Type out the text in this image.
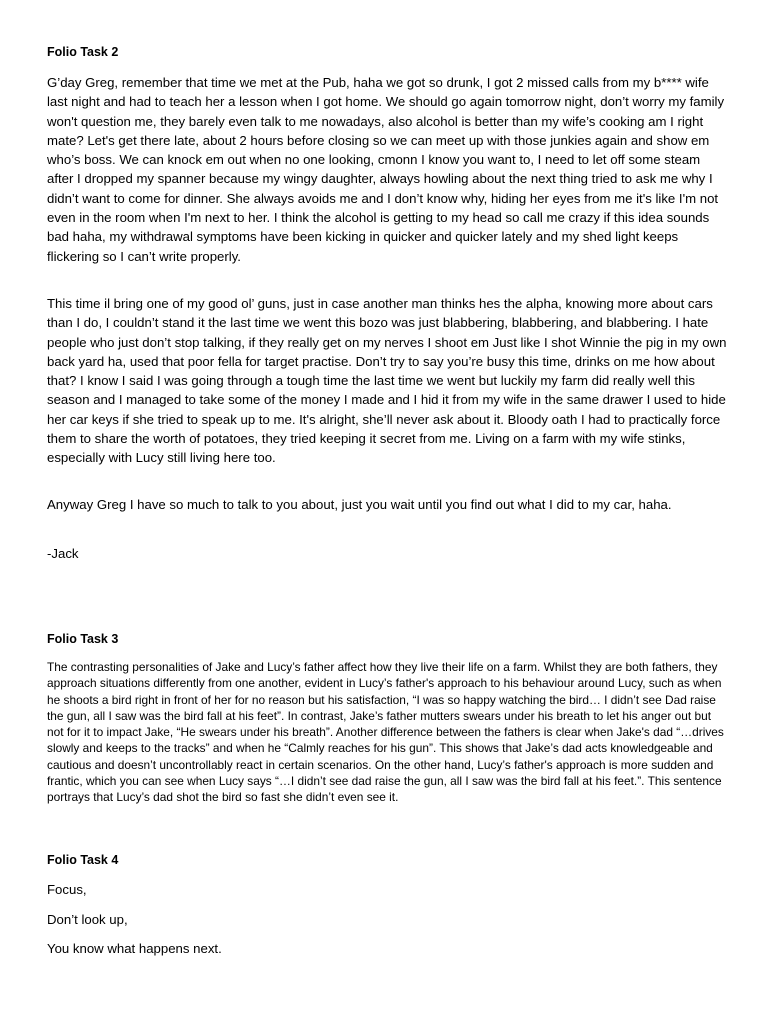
Folio Task 2

G’day Greg, remember that time we met at the Pub, haha we got so drunk, I got 2 missed calls from my b**** wife last night and had to teach her a lesson when I got home. We should go again tomorrow night, don’t worry my family won't question me, they barely even talk to me nowadays, also alcohol is better than my wife’s cooking am I right mate? Let's get there late, about 2 hours before closing so we can meet up with those junkies again and show em who’s boss. We can knock em out when no one looking, cmonn I know you want to, I need to let off some steam after I dropped my spanner because my wingy daughter, always howling about the next thing tried to ask me why I didn’t want to come for dinner. She always avoids me and I don’t know why, hiding her eyes from me it's like I'm not even in the room when I'm next to her. I think the alcohol is getting to my head so call me crazy if this idea sounds bad haha, my withdrawal symptoms have been kicking in quicker and quicker lately and my shed light keeps flickering so I can’t write properly.

This time il bring one of my good ol’ guns, just in case another man thinks hes the alpha, knowing more about cars than I do, I couldn’t stand it the last time we went this bozo was just blabbering, blabbering, and blabbering. I hate people who just don’t stop talking, if they really get on my nerves I shoot em Just like I shot Winnie the pig in my own back yard ha, used that poor fella for target practise. Don’t try to say you’re busy this time, drinks on me how about that? I know I said I was going through a tough time the last time we went but luckily my farm did really well this season and I managed to take some of the money I made and I hid it from my wife in the same drawer I used to hide her car keys if she tried to speak up to me. It's alright, she’ll never ask about it. Bloody oath I had to practically force them to share the worth of potatoes, they tried keeping it secret from me. Living on a farm with my wife stinks, especially with Lucy still living here too.

Anyway Greg I have so much to talk to you about, just you wait until you find out what I did to my car, haha.

-Jack

Folio Task 3

The contrasting personalities of Jake and Lucy’s father affect how they live their life on a farm. Whilst they are both fathers, they approach situations differently from one another, evident in Lucy’s father's approach to his behaviour around Lucy, such as when he shoots a bird right in front of her for no reason but his satisfaction, “I was so happy watching the bird… I didn’t see Dad raise the gun, all I saw was the bird fall at his feet”. In contrast, Jake’s father mutters swears under his breath to let his anger out but not for it to impact Jake, “He swears under his breath”. Another difference between the fathers is clear when Jake's dad “…drives slowly and keeps to the tracks” and when he “Calmly reaches for his gun”. This shows that Jake’s dad acts knowledgeable and cautious and doesn’t uncontrollably react in certain scenarios. On the other hand, Lucy’s father's approach is more sudden and frantic, which you can see when Lucy says “…I didn’t see dad raise the gun, all I saw was the bird fall at his feet.”. This sentence portrays that Lucy’s dad shot the bird so fast she didn’t even see it.

Folio Task 4

Focus,

Don’t look up,

You know what happens next.
